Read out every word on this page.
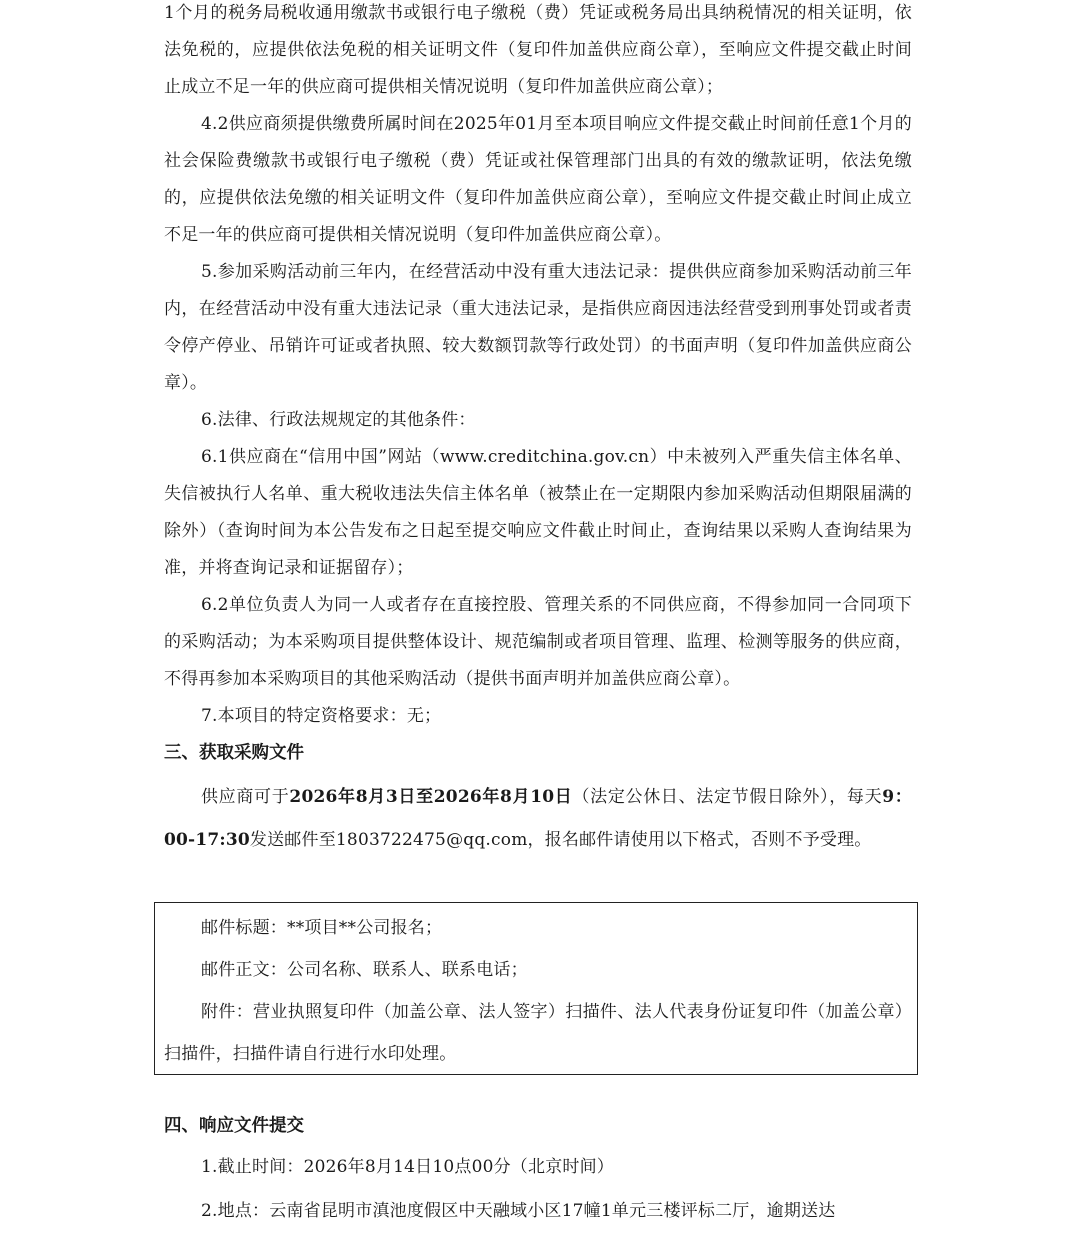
1个月的税务局税收通用缴款书或银行电子缴税（费）凭证或税务局出具纳税情况的相关证明，依法免税的，应提供依法免税的相关证明文件（复印件加盖供应商公章），至响应文件提交截止时间止成立不足一年的供应商可提供相关情况说明（复印件加盖供应商公章）；

4.2供应商须提供缴费所属时间在2025年01月至本项目响应文件提交截止时间前任意1个月的社会保险费缴款书或银行电子缴税（费）凭证或社保管理部门出具的有效的缴款证明，依法免缴的，应提供依法免缴的相关证明文件（复印件加盖供应商公章），至响应文件提交截止时间止成立不足一年的供应商可提供相关情况说明（复印件加盖供应商公章）。

5.参加采购活动前三年内，在经营活动中没有重大违法记录：提供供应商参加采购活动前三年内，在经营活动中没有重大违法记录（重大违法记录，是指供应商因违法经营受到刑事处罚或者责令停产停业、吊销许可证或者执照、较大数额罚款等行政处罚）的书面声明（复印件加盖供应商公章）。

6.法律、行政法规规定的其他条件：

6.1供应商在“信用中国”网站（www.creditchina.gov.cn）中未被列入严重失信主体名单、失信被执行人名单、重大税收违法失信主体名单（被禁止在一定期限内参加采购活动但期限届满的除外）（查询时间为本公告发布之日起至提交响应文件截止时间止，查询结果以采购人查询结果为准，并将查询记录和证据留存）；

6.2单位负责人为同一人或者存在直接控股、管理关系的不同供应商，不得参加同一合同项下的采购活动；为本采购项目提供整体设计、规范编制或者项目管理、监理、检测等服务的供应商，不得再参加本采购项目的其他采购活动（提供书面声明并加盖供应商公章）。

7.本项目的特定资格要求：无；

三、获取采购文件

供应商可于2026年8月3日至2026年8月10日（法定公休日、法定节假日除外），每天9：00-17:30发送邮件至1803722475@qq.com，报名邮件请使用以下格式，否则不予受理。

邮件标题：**项目**公司报名；

邮件正文：公司名称、联系人、联系电话；

附件：营业执照复印件（加盖公章、法人签字）扫描件、法人代表身份证复印件（加盖公章）扫描件，扫描件请自行进行水印处理。

四、响应文件提交

1.截止时间：2026年8月14日10点00分（北京时间）

2.地点：云南省昆明市滇池度假区中天融域小区17幢1单元三楼评标二厅，逾期送达
